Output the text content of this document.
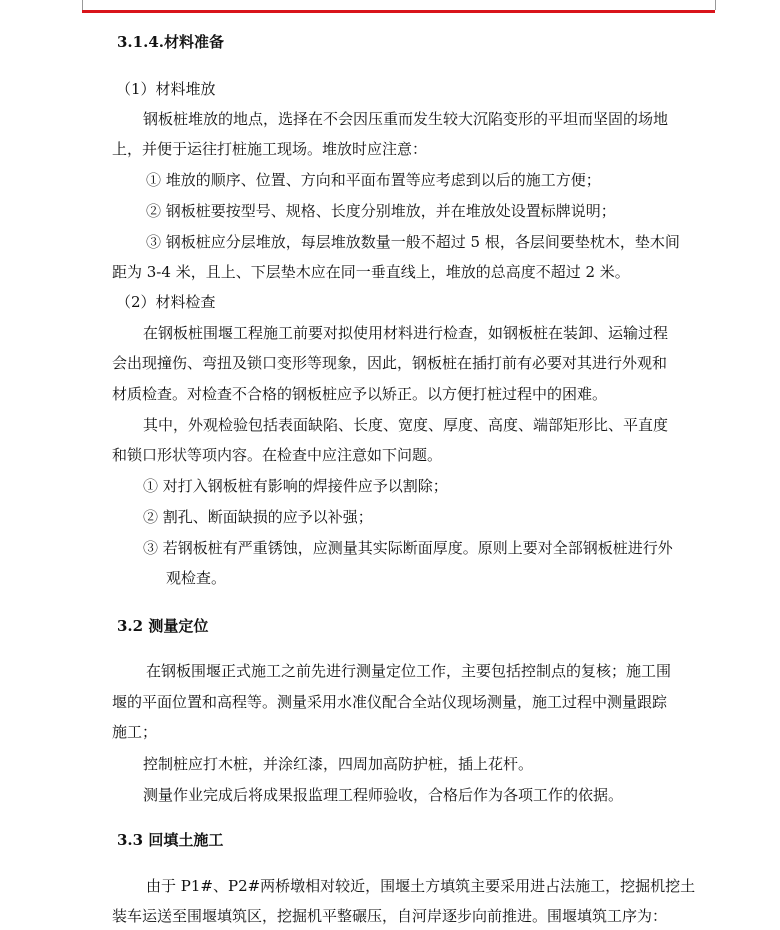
3.1.4.材料准备
（1）材料堆放
钢板桩堆放的地点，选择在不会因压重而发生较大沉陷变形的平坦而坚固的场地
上，并便于运往打桩施工现场。堆放时应注意：
① 堆放的顺序、位置、方向和平面布置等应考虑到以后的施工方便；
② 钢板桩要按型号、规格、长度分别堆放，并在堆放处设置标牌说明；
③ 钢板桩应分层堆放，每层堆放数量一般不超过 5 根，各层间要垫枕木，垫木间
距为 3-4 米，且上、下层垫木应在同一垂直线上，堆放的总高度不超过 2 米。
（2）材料检查
在钢板桩围堰工程施工前要对拟使用材料进行检查，如钢板桩在装卸、运输过程
会出现撞伤、弯扭及锁口变形等现象，因此，钢板桩在插打前有必要对其进行外观和
材质检查。对检查不合格的钢板桩应予以矫正。以方便打桩过程中的困难。
其中，外观检验包括表面缺陷、长度、宽度、厚度、高度、端部矩形比、平直度
和锁口形状等项内容。在检查中应注意如下问题。
① 对打入钢板桩有影响的焊接件应予以割除；
② 割孔、断面缺损的应予以补强；
③ 若钢板桩有严重锈蚀，应测量其实际断面厚度。原则上要对全部钢板桩进行外
观检查。
3.2 测量定位
在钢板围堰正式施工之前先进行测量定位工作，主要包括控制点的复核；施工围
堰的平面位置和高程等。测量采用水准仪配合全站仪现场测量，施工过程中测量跟踪
施工；
控制桩应打木桩，并涂红漆，四周加高防护桩，插上花杆。
测量作业完成后将成果报监理工程师验收，合格后作为各项工作的依据。
3.3 回填土施工
由于 P1#、P2#两桥墩相对较近，围堰土方填筑主要采用进占法施工，挖掘机挖土
装车运送至围堰填筑区，挖掘机平整碾压，自河岸逐步向前推进。围堰填筑工序为：
